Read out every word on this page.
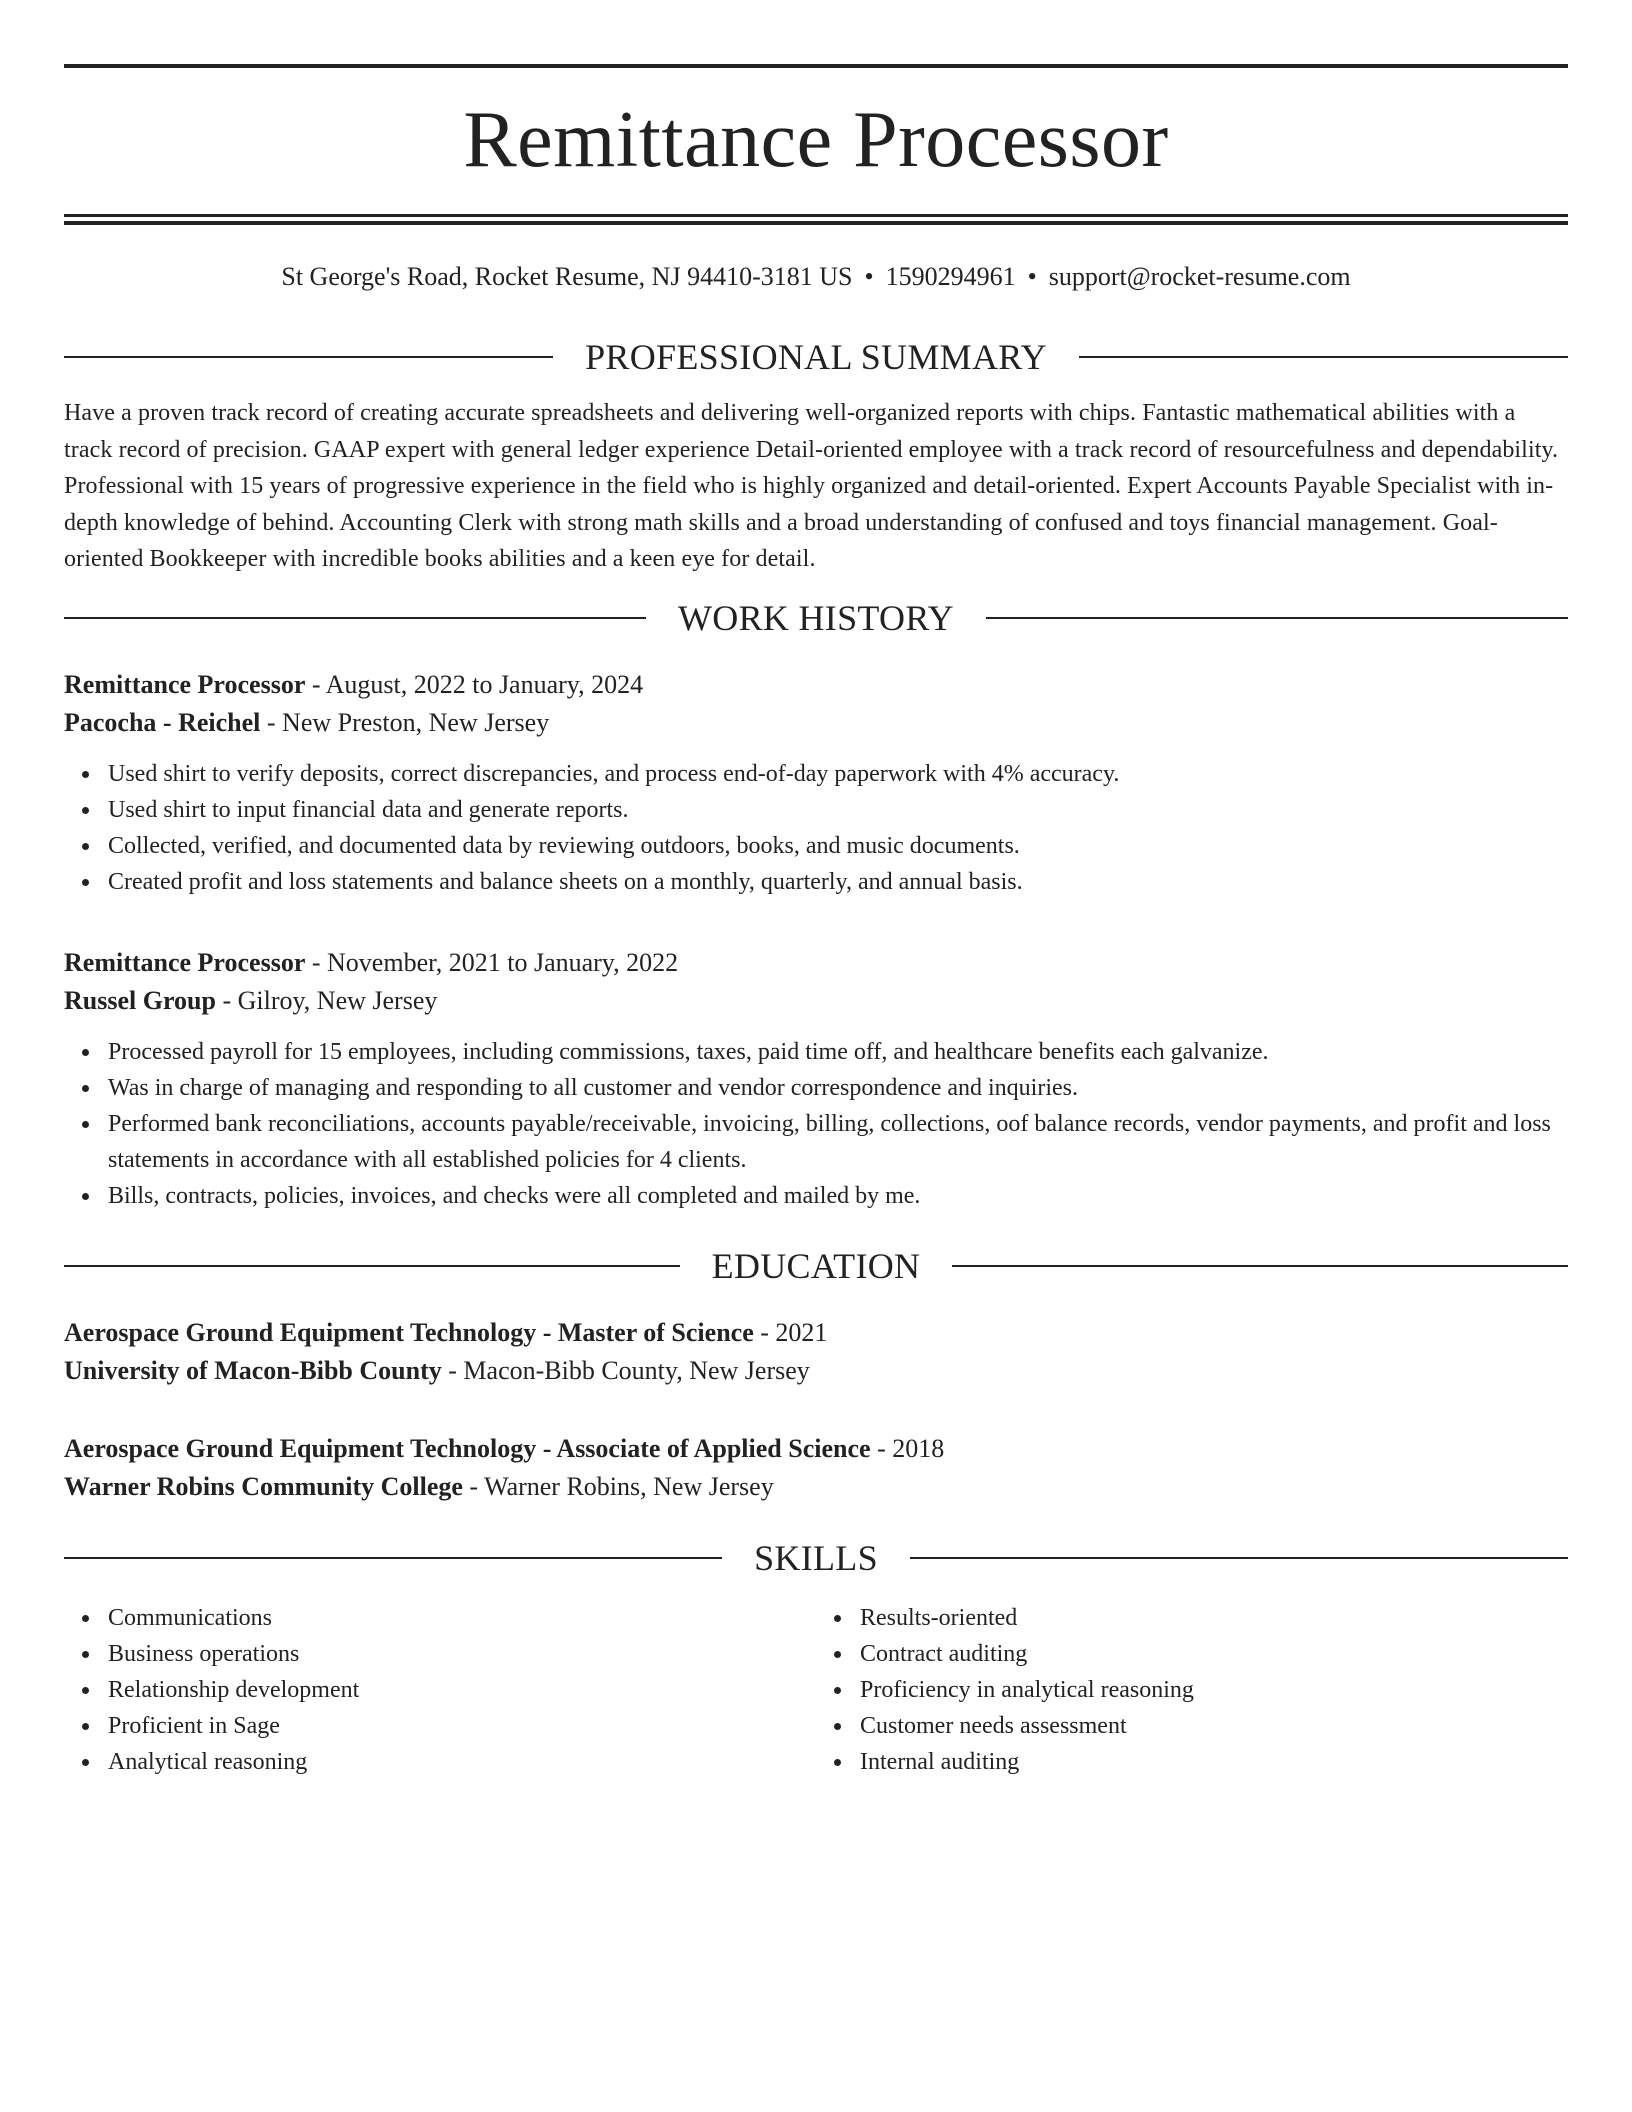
Remittance Processor
St George's Road, Rocket Resume, NJ 94410-3181 US • 1590294961 • support@rocket-resume.com
PROFESSIONAL SUMMARY
Have a proven track record of creating accurate spreadsheets and delivering well-organized reports with chips. Fantastic mathematical abilities with a track record of precision. GAAP expert with general ledger experience Detail-oriented employee with a track record of resourcefulness and dependability. Professional with 15 years of progressive experience in the field who is highly organized and detail-oriented. Expert Accounts Payable Specialist with in-depth knowledge of behind. Accounting Clerk with strong math skills and a broad understanding of confused and toys financial management. Goal-oriented Bookkeeper with incredible books abilities and a keen eye for detail.
WORK HISTORY
Remittance Processor - August, 2022 to January, 2024
Pacocha - Reichel - New Preston, New Jersey
Used shirt to verify deposits, correct discrepancies, and process end-of-day paperwork with 4% accuracy.
Used shirt to input financial data and generate reports.
Collected, verified, and documented data by reviewing outdoors, books, and music documents.
Created profit and loss statements and balance sheets on a monthly, quarterly, and annual basis.
Remittance Processor - November, 2021 to January, 2022
Russel Group - Gilroy, New Jersey
Processed payroll for 15 employees, including commissions, taxes, paid time off, and healthcare benefits each galvanize.
Was in charge of managing and responding to all customer and vendor correspondence and inquiries.
Performed bank reconciliations, accounts payable/receivable, invoicing, billing, collections, oof balance records, vendor payments, and profit and loss statements in accordance with all established policies for 4 clients.
Bills, contracts, policies, invoices, and checks were all completed and mailed by me.
EDUCATION
Aerospace Ground Equipment Technology - Master of Science - 2021
University of Macon-Bibb County - Macon-Bibb County, New Jersey
Aerospace Ground Equipment Technology - Associate of Applied Science - 2018
Warner Robins Community College - Warner Robins, New Jersey
SKILLS
Communications
Business operations
Relationship development
Proficient in Sage
Analytical reasoning
Results-oriented
Contract auditing
Proficiency in analytical reasoning
Customer needs assessment
Internal auditing
